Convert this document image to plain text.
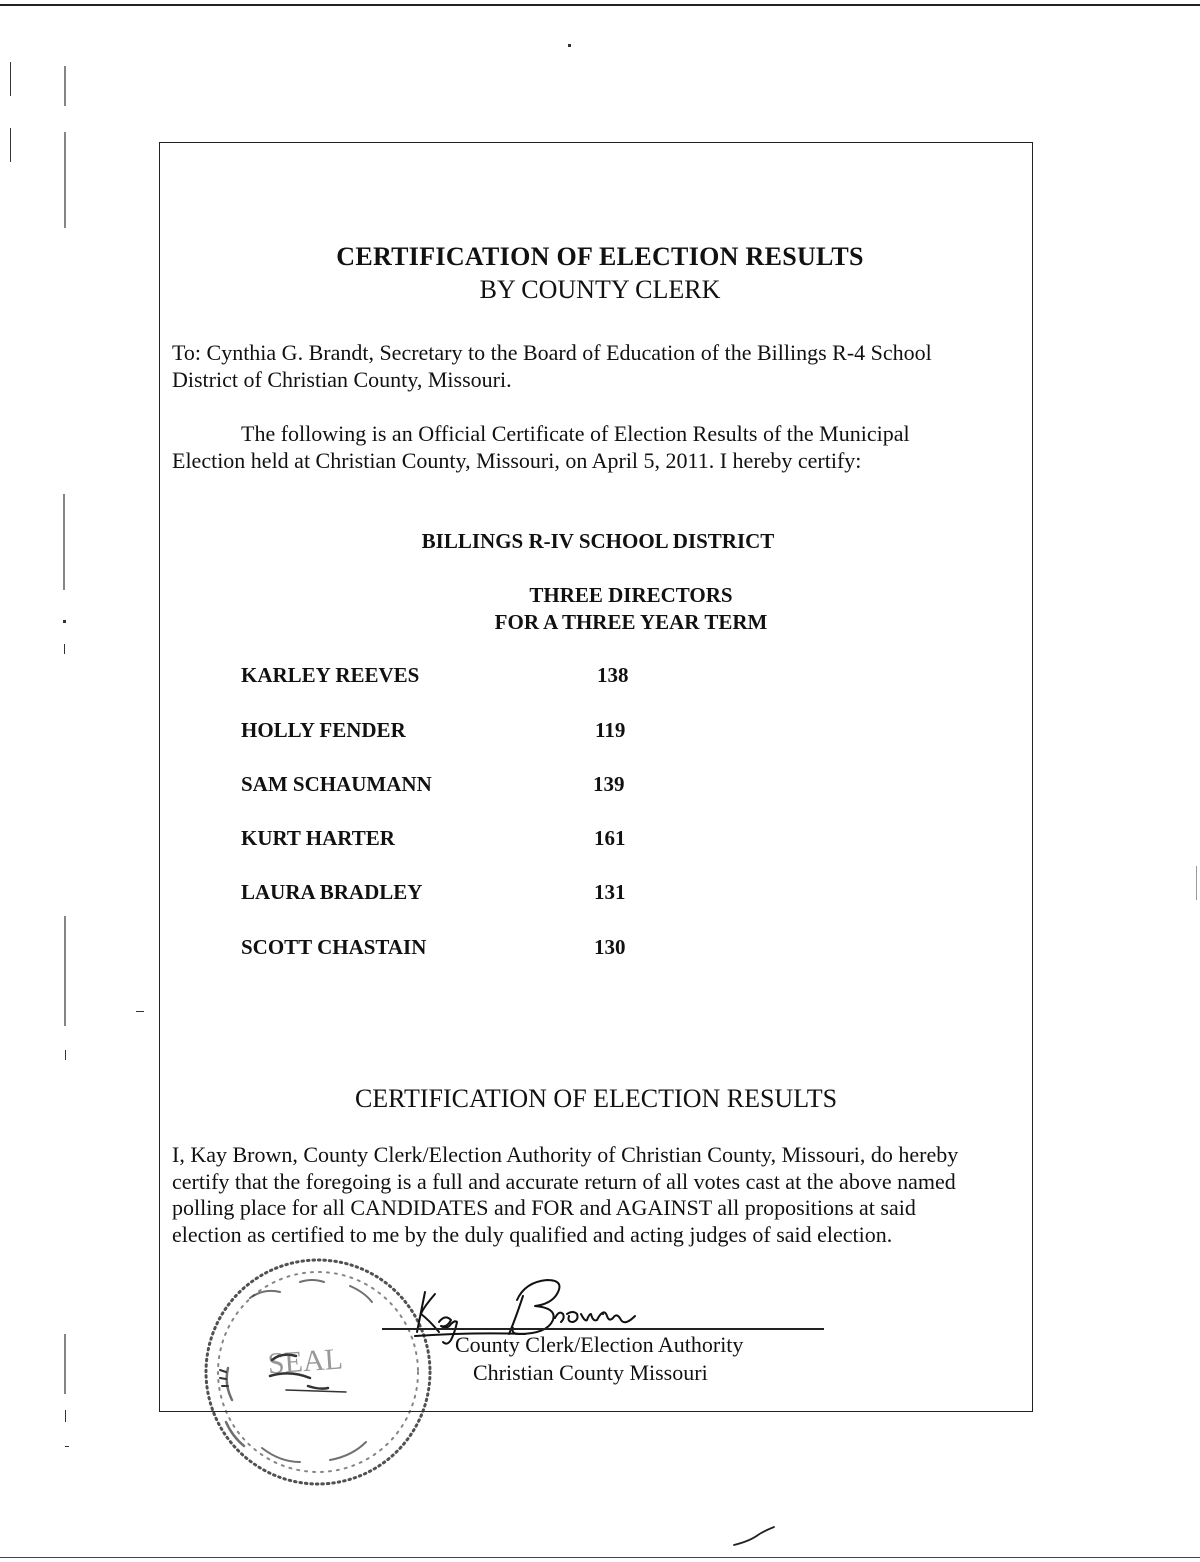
CERTIFICATION OF ELECTION RESULTS
BY COUNTY CLERK
To: Cynthia G. Brandt, Secretary to the Board of Education of the Billings R-4 School
District of Christian County, Missouri.
The following is an Official Certificate of Election Results of the Municipal
Election held at Christian County, Missouri, on April 5, 2011. I hereby certify:
BILLINGS R-IV SCHOOL DISTRICT
THREE DIRECTORS
FOR A THREE YEAR TERM
KARLEY REEVES	138
HOLLY FENDER	119
SAM SCHAUMANN	139
KURT HARTER	161
LAURA BRADLEY	131
SCOTT CHASTAIN	130
CERTIFICATION OF ELECTION RESULTS
I, Kay Brown, County Clerk/Election Authority of Christian County, Missouri, do hereby
certify that the foregoing is a full and accurate return of all votes cast at the above named
polling place for all CANDIDATES and FOR and AGAINST all propositions at said
election as certified to me by the duly qualified and acting judges of said election.
SEAL	County Clerk/Election Authority
Christian County Missouri
